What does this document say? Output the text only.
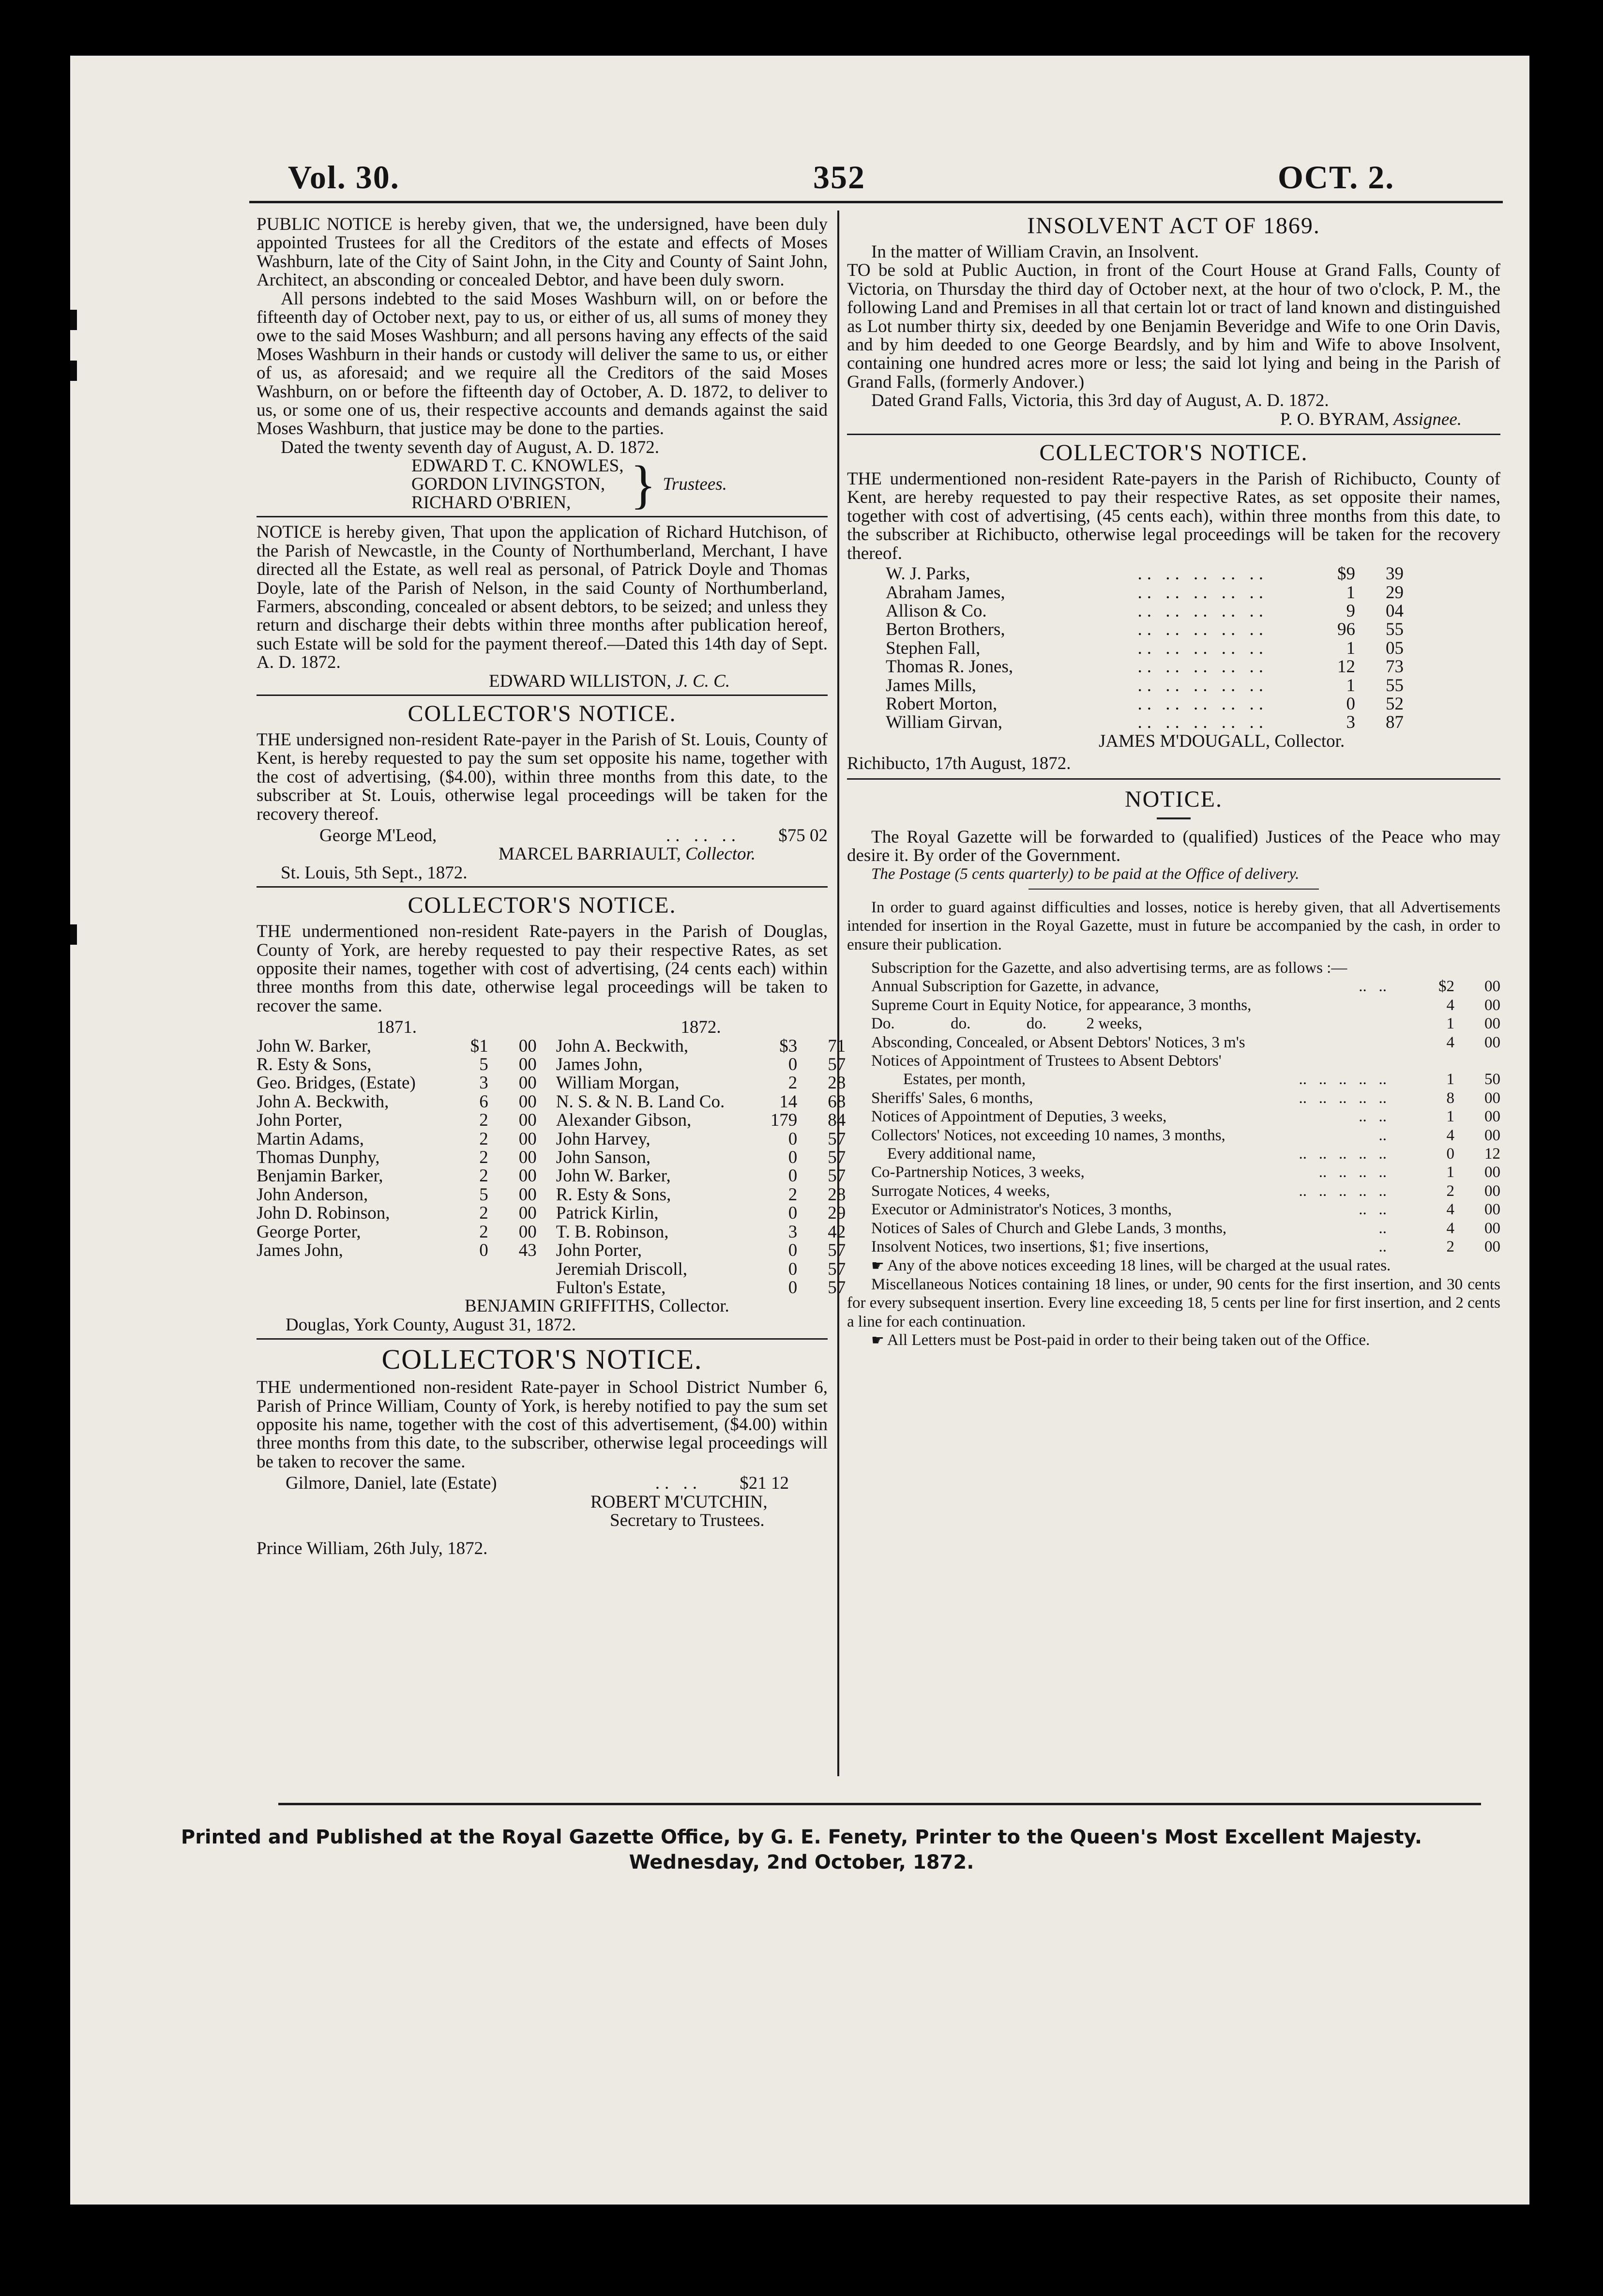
Vol. 30.	352	OCT. 2.

PUBLIC NOTICE is hereby given, that we, the undersigned, have been duly appointed Trustees for all the Creditors of the estate and effects of Moses Washburn, late of the City of Saint John, in the City and County of Saint John, Architect, an absconding or concealed Debtor, and have been duly sworn.

All persons indebted to the said Moses Washburn will, on or before the fifteenth day of October next, pay to us, or either of us, all sums of money they owe to the said Moses Washburn; and all persons having any effects of the said Moses Washburn in their hands or custody will deliver the same to us, or either of us, as aforesaid; and we require all the Creditors of the said Moses Washburn, on or before the fifteenth day of October, A. D. 1872, to deliver to us, or some one of us, their respective accounts and demands against the said Moses Washburn, that justice may be done to the parties.

Dated the twenty seventh day of August, A. D. 1872.

EDWARD T. C. KNOWLES,
GORDON LIVINGSTON,
RICHARD O'BRIEN,	} Trustees.

NOTICE is hereby given, That upon the application of Richard Hutchison, of the Parish of Newcastle, in the County of Northumberland, Merchant, I have directed all the Estate, as well real as personal, of Patrick Doyle and Thomas Doyle, late of the Parish of Nelson, in the said County of Northumberland, Farmers, absconding, concealed or absent debtors, to be seized; and unless they return and discharge their debts within three months after publication hereof, such Estate will be sold for the payment thereof.—Dated this 14th day of Sept. A. D. 1872.

EDWARD WILLISTON, J. C. C.

COLLECTOR'S NOTICE.

THE undersigned non-resident Rate-payer in the Parish of St. Louis, County of Kent, is hereby requested to pay the sum set opposite his name, together with the cost of advertising, ($4.00), within three months from this date, to the subscriber at St. Louis, otherwise legal proceedings will be taken for the recovery thereof.

George M'Leod,	.. .. ..	$75 02

MARCEL BARRIAULT, Collector.

St. Louis, 5th Sept., 1872.

COLLECTOR'S NOTICE.

THE undermentioned non-resident Rate-payers in the Parish of Douglas, County of York, are hereby requested to pay their respective Rates, as set opposite their names, together with cost of advertising, (24 cents each) within three months from this date, otherwise legal proceedings will be taken to recover the same.

1871.
John W. Barker,	$1	00
R. Esty & Sons,	5	00
Geo. Bridges, (Estate)	3	00
John A. Beckwith,	6	00
John Porter,	2	00
Martin Adams,	2	00
Thomas Dunphy,	2	00
Benjamin Barker,	2	00
John Anderson,	5	00
John D. Robinson,	2	00
George Porter,	2	00
James John,	0	43
1872.
John A. Beckwith,	$3	71
James John,	0	57
William Morgan,	2	28
N. S. & N. B. Land Co.	14	68
Alexander Gibson,	179	84
John Harvey,	0	57
John Sanson,	0	57
John W. Barker,	0	57
R. Esty & Sons,	2	28
Patrick Kirlin,	0	29
T. B. Robinson,	3	42
John Porter,	0	57
Jeremiah Driscoll,	0	57
Fulton's Estate,	0	57

BENJAMIN GRIFFITHS, Collector.

Douglas, York County, August 31, 1872.

COLLECTOR'S NOTICE.

THE undermentioned non-resident Rate-payer in School District Number 6, Parish of Prince William, County of York, is hereby notified to pay the sum set opposite his name, together with the cost of this advertisement, ($4.00) within three months from this date, to the subscriber, otherwise legal proceedings will be taken to recover the same.

Gilmore, Daniel, late (Estate)	.. ..	$21 12

ROBERT M'CUTCHIN,

Secretary to Trustees.

Prince William, 26th July, 1872.

INSOLVENT ACT OF 1869.

In the matter of William Cravin, an Insolvent.

TO be sold at Public Auction, in front of the Court House at Grand Falls, County of Victoria, on Thursday the third day of October next, at the hour of two o'clock, P. M., the following Land and Premises in all that certain lot or tract of land known and distinguished as Lot number thirty six, deeded by one Benjamin Beveridge and Wife to one Orin Davis, and by him deeded to one George Beardsly, and by him and Wife to above Insolvent, containing one hundred acres more or less; the said lot lying and being in the Parish of Grand Falls, (formerly Andover.)

Dated Grand Falls, Victoria, this 3rd day of August, A. D. 1872.

P. O. BYRAM, Assignee.

COLLECTOR'S NOTICE.

THE undermentioned non-resident Rate-payers in the Parish of Richibucto, County of Kent, are hereby requested to pay their respective Rates, as set opposite their names, together with cost of advertising, (45 cents each), within three months from this date, to the subscriber at Richibucto, otherwise legal proceedings will be taken for the recovery thereof.

W. J. Parks,	.. .. .. .. ..	$9	39
Abraham James,	.. .. .. .. ..	1	29
Allison & Co.	.. .. .. .. ..	9	04
Berton Brothers,	.. .. .. .. ..	96	55
Stephen Fall,	.. .. .. .. ..	1	05
Thomas R. Jones,	.. .. .. .. ..	12	73
James Mills,	.. .. .. .. ..	1	55
Robert Morton,	.. .. .. .. ..	0	52
William Girvan,	.. .. .. .. ..	3	87

JAMES M'DOUGALL, Collector.

Richibucto, 17th August, 1872.

NOTICE.

The Royal Gazette will be forwarded to (qualified) Justices of the Peace who may desire it. By order of the Government.

The Postage (5 cents quarterly) to be paid at the Office of delivery.

In order to guard against difficulties and losses, notice is hereby given, that all Advertisements intended for insertion in the Royal Gazette, must in future be accompanied by the cash, in order to ensure their publication.

Subscription for the Gazette, and also advertising terms, are as follows :—

Annual Subscription for Gazette, in advance,	..   ..	$2	00
Supreme Court in Equity Notice, for appearance, 3 months,	4	00
Do.              do.              do.          2 weeks,	1	00
Absconding, Concealed, or Absent Debtors' Notices, 3 m's	4	00
Notices of Appointment of Trustees to Absent Debtors'
Estates, per month,	..   ..   ..   ..   ..	1	50
Sheriffs' Sales, 6 months,	..   ..   ..   ..   ..	8	00
Notices of Appointment of Deputies, 3 weeks,	..   ..	1	00
Collectors' Notices, not exceeding 10 names, 3 months,	..	4	00
Every additional name,	..   ..   ..   ..   ..	0	12
Co-Partnership Notices, 3 weeks,	..   ..   ..   ..	1	00
Surrogate Notices, 4 weeks,	..   ..   ..   ..   ..	2	00
Executor or Administrator's Notices, 3 months,	..   ..	4	00
Notices of Sales of Church and Glebe Lands, 3 months,	..	4	00
Insolvent Notices, two insertions, $1; five insertions,	..	2	00

☛ Any of the above notices exceeding 18 lines, will be charged at the usual rates.

Miscellaneous Notices containing 18 lines, or under, 90 cents for the first insertion, and 30 cents for every subsequent insertion. Every line exceeding 18, 5 cents per line for first insertion, and 2 cents a line for each continuation.

☛ All Letters must be Post-paid in order to their being taken out of the Office.

Printed and Published at the Royal Gazette Office, by G. E. Fenety, Printer to the Queen's Most Excellent Majesty.
Wednesday, 2nd October, 1872.
